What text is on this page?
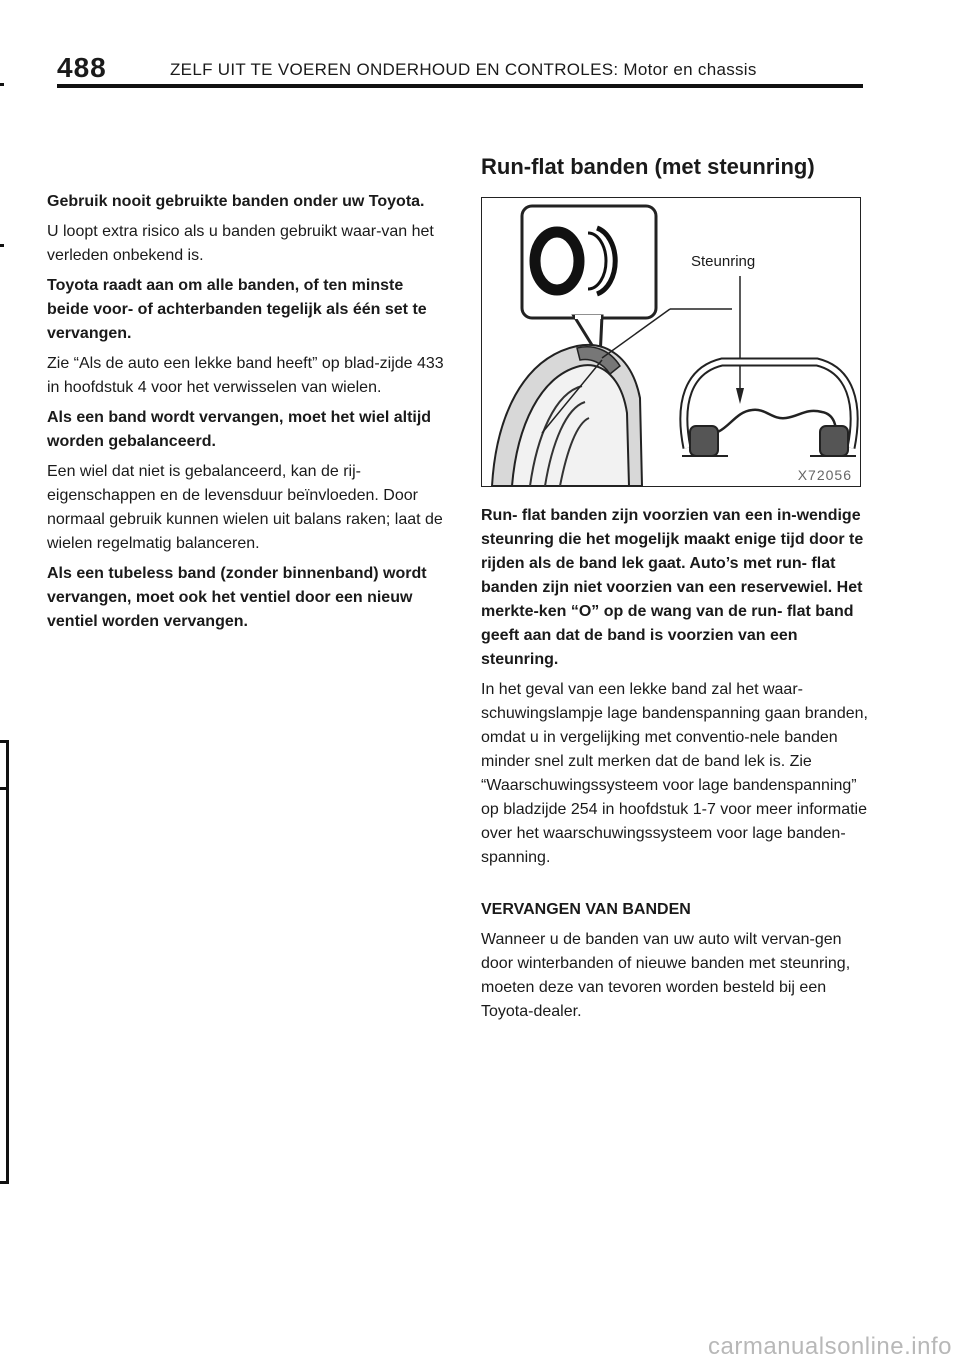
488	ZELF UIT TE VOEREN ONDERHOUD EN CONTROLES: Motor en chassis

Gebruik nooit gebruikte banden onder uw Toyota.

U loopt extra risico als u banden gebruikt waar-van het verleden onbekend is.

Toyota raadt aan om alle banden, of ten minste beide voor- of achterbanden tegelijk als één set te vervangen.

Zie “Als de auto een lekke band heeft” op blad-zijde 433 in hoofdstuk 4 voor het verwisselen van wielen.

Als een band wordt vervangen, moet het wiel altijd worden gebalanceerd.

Een wiel dat niet is gebalanceerd, kan de rij-eigenschappen en de levensduur beïnvloeden. Door normaal gebruik kunnen wielen uit balans raken; laat de wielen regelmatig balanceren.

Als een tubeless band (zonder binnenband) wordt vervangen, moet ook het ventiel door een nieuw ventiel worden vervangen.

Run-flat banden (met steunring)
Steunring
X72056

Run- flat banden zijn voorzien van een in-wendige steunring die het mogelijk maakt enige tijd door te rijden als de band lek gaat. Auto’s met run- flat banden zijn niet voorzien van een reservewiel. Het merkte-ken “O” op de wang van de run- flat band geeft aan dat de band is voorzien van een steunring.

In het geval van een lekke band zal het waar-schuwingslampje lage bandenspanning gaan branden, omdat u in vergelijking met conventio-nele banden minder snel zult merken dat de band lek is. Zie “Waarschuwingssysteem voor lage bandenspanning” op bladzijde 254 in hoofdstuk 1-7 voor meer informatie over het waarschuwingssysteem voor lage banden-spanning.

VERVANGEN VAN BANDEN

Wanneer u de banden van uw auto wilt vervan-gen door winterbanden of nieuwe banden met steunring, moeten deze van tevoren worden besteld bij een Toyota-dealer.

carmanualsonline.info
